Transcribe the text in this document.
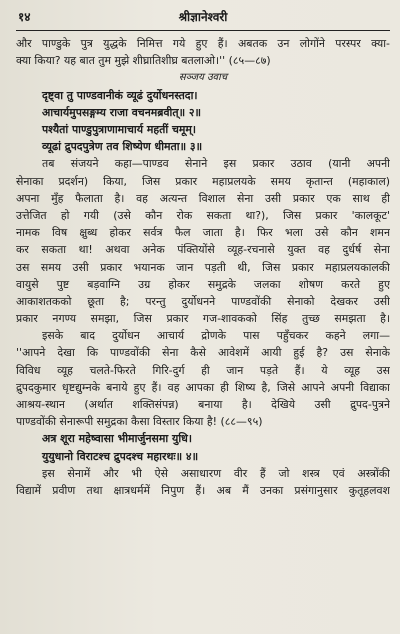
१४	श्रीज्ञानेश्वरी
और पाण्डुके पुत्र युद्धके निमित्त गये हुए हैं। अबतक उन लोगोंने परस्पर क्या-
क्या किया? यह बात तुम मुझे शीघ्रातिशीघ्र बतलाओ।'' (८५—८७)
सञ्जय उवाच
दृष्ट्वा तु पाण्डवानीकं व्यूढं दुर्योधनस्तदा।
आचार्यमुपसङ्गम्य राजा वचनमब्रवीत्॥ २॥
पश्यैतां पाण्डुपुत्राणामाचार्य महतीं चमूम्।
व्यूढां द्रुपदपुत्रेण तव शिष्येण धीमता॥ ३॥
तब संजयने कहा—पाण्डव सेनाने इस प्रकार उठाव (यानी अपनी
सेनाका प्रदर्शन) किया, जिस प्रकार महाप्रलयके समय कृतान्त (महाकाल)
अपना मुँह फैलाता है। वह अत्यन्त विशाल सेना उसी प्रकार एक साथ ही
उत्तेजित हो गयी (उसे कौन रोक सकता था?), जिस प्रकार 'कालकूट'
नामक विष क्षुब्ध होकर सर्वत्र फैल जाता है। फिर भला उसे कौन शमन
कर सकता था! अथवा अनेक पंक्तियोंसे व्यूह-रचनासे युक्त वह दुर्धर्ष सेना
उस समय उसी प्रकार भयानक जान पड़ती थी, जिस प्रकार महाप्रलयकालकी
वायुसे पुष्ट बड़वाग्नि उग्र होकर समुद्रके जलका शोषण करते हुए
आकाशतकको छूता है; परन्तु दुर्योधनने पाण्डवोंकी सेनाको देखकर उसी
प्रकार नगण्य समझा, जिस प्रकार गज-शावकको सिंह तुच्छ समझता है।
इसके बाद दुर्योधन आचार्य द्रोणके पास पहुँचकर कहने लगा—
''आपने देखा कि पाण्डवोंकी सेना कैसे आवेशमें आयी हुई है? उस सेनाके
विविध व्यूह चलते-फिरते गिरि-दुर्ग ही जान पड़ते हैं। ये व्यूह उस
द्रुपदकुमार धृष्टद्युम्नके बनाये हुए हैं। वह आपका ही शिष्य है, जिसे आपने अपनी विद्याका
आश्रय-स्थान (अर्थात शक्तिसंपन्न) बनाया है। देखिये उसी द्रुपद-पुत्रने
पाण्डवोंकी सेनारूपी समुद्रका कैसा विस्तार किया है! (८८—९५)
अत्र शूरा महेष्वासा भीमार्जुनसमा युधि।
युयुधानो विराटश्च द्रुपदश्च महारथः॥ ४॥
इस सेनामें और भी ऐसे असाधारण वीर हैं जो शस्त्र एवं अस्त्रोंकी
विद्यामें प्रवीण तथा क्षात्रधर्ममें निपुण हैं। अब मैं उनका प्रसंगानुसार कुतूहलवश
